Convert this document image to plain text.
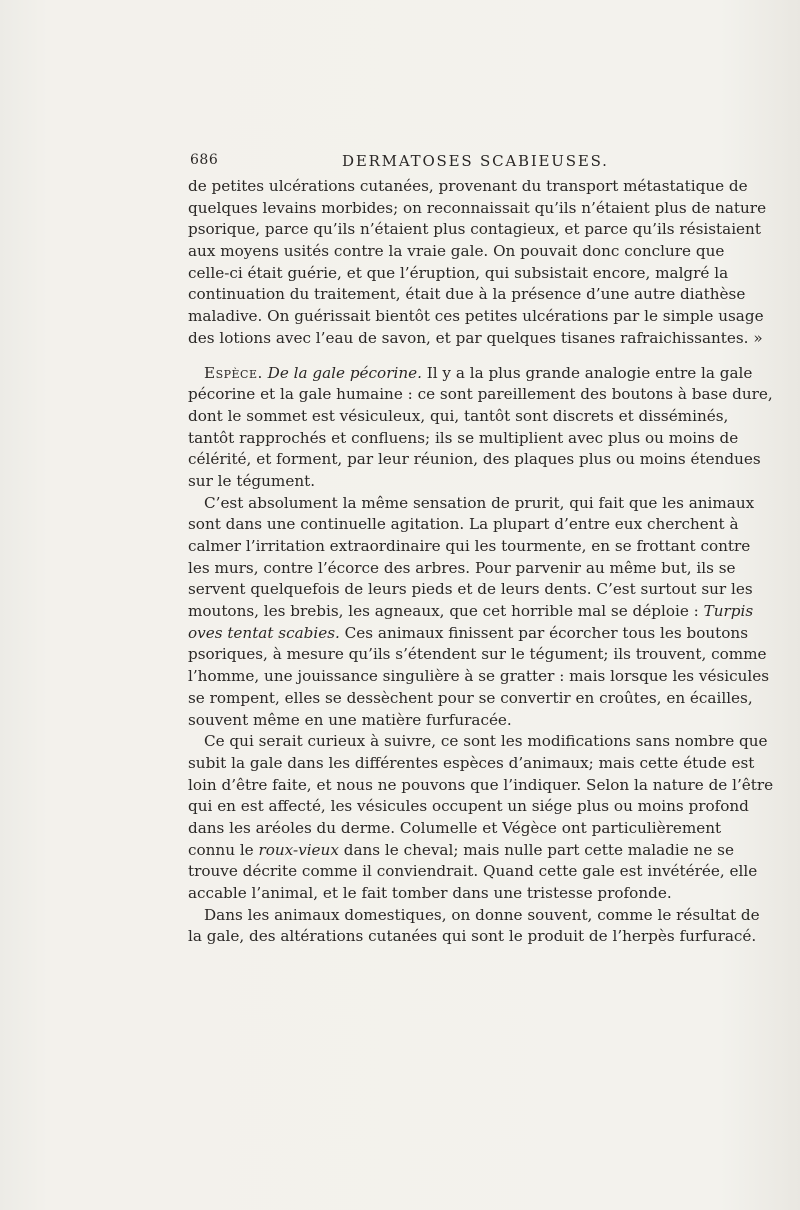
686	DERMATOSES SCABIEUSES.
de petites ulcérations cutanées, provenant du transport métastatique de
quelques levains morbides; on reconnaissait qu’ils n’étaient plus de nature
psorique, parce qu’ils n’étaient plus contagieux, et parce qu’ils résistaient
aux moyens usités contre la vraie gale. On pouvait donc conclure que
celle-ci était guérie, et que l’éruption, qui subsistait encore, malgré la
continuation du traitement, était due à la présence d’une autre diathèse
maladive. On guérissait bientôt ces petites ulcérations par le simple usage
des lotions avec l’eau de savon, et par quelques tisanes rafraichissantes. »
Espèce. De la gale pécorine. Il y a la plus grande analogie entre la gale
pécorine et la gale humaine : ce sont pareillement des boutons à base dure,
dont le sommet est vésiculeux, qui, tantôt sont discrets et disséminés,
tantôt rapprochés et confluens; ils se multiplient avec plus ou moins de
célérité, et forment, par leur réunion, des plaques plus ou moins étendues
sur le tégument.
C’est absolument la même sensation de prurit, qui fait que les animaux
sont dans une continuelle agitation. La plupart d’entre eux cherchent à
calmer l’irritation extraordinaire qui les tourmente, en se frottant contre
les murs, contre l’écorce des arbres. Pour parvenir au même but, ils se
servent quelquefois de leurs pieds et de leurs dents. C’est surtout sur les
moutons, les brebis, les agneaux, que cet horrible mal se déploie : Turpis
oves tentat scabies. Ces animaux finissent par écorcher tous les boutons
psoriques, à mesure qu’ils s’étendent sur le tégument; ils trouvent, comme
l’homme, une jouissance singulière à se gratter : mais lorsque les vésicules
se rompent, elles se dessèchent pour se convertir en croûtes, en écailles,
souvent même en une matière furfuracée.
Ce qui serait curieux à suivre, ce sont les modifications sans nombre que
subit la gale dans les différentes espèces d’animaux; mais cette étude est
loin d’être faite, et nous ne pouvons que l’indiquer. Selon la nature de l’être
qui en est affecté, les vésicules occupent un siége plus ou moins profond
dans les aréoles du derme. Columelle et Végèce ont particulièrement
connu le roux-vieux dans le cheval; mais nulle part cette maladie ne se
trouve décrite comme il conviendrait. Quand cette gale est invétérée, elle
accable l’animal, et le fait tomber dans une tristesse profonde.
Dans les animaux domestiques, on donne souvent, comme le résultat de
la gale, des altérations cutanées qui sont le produit de l’herpès furfuracé.
